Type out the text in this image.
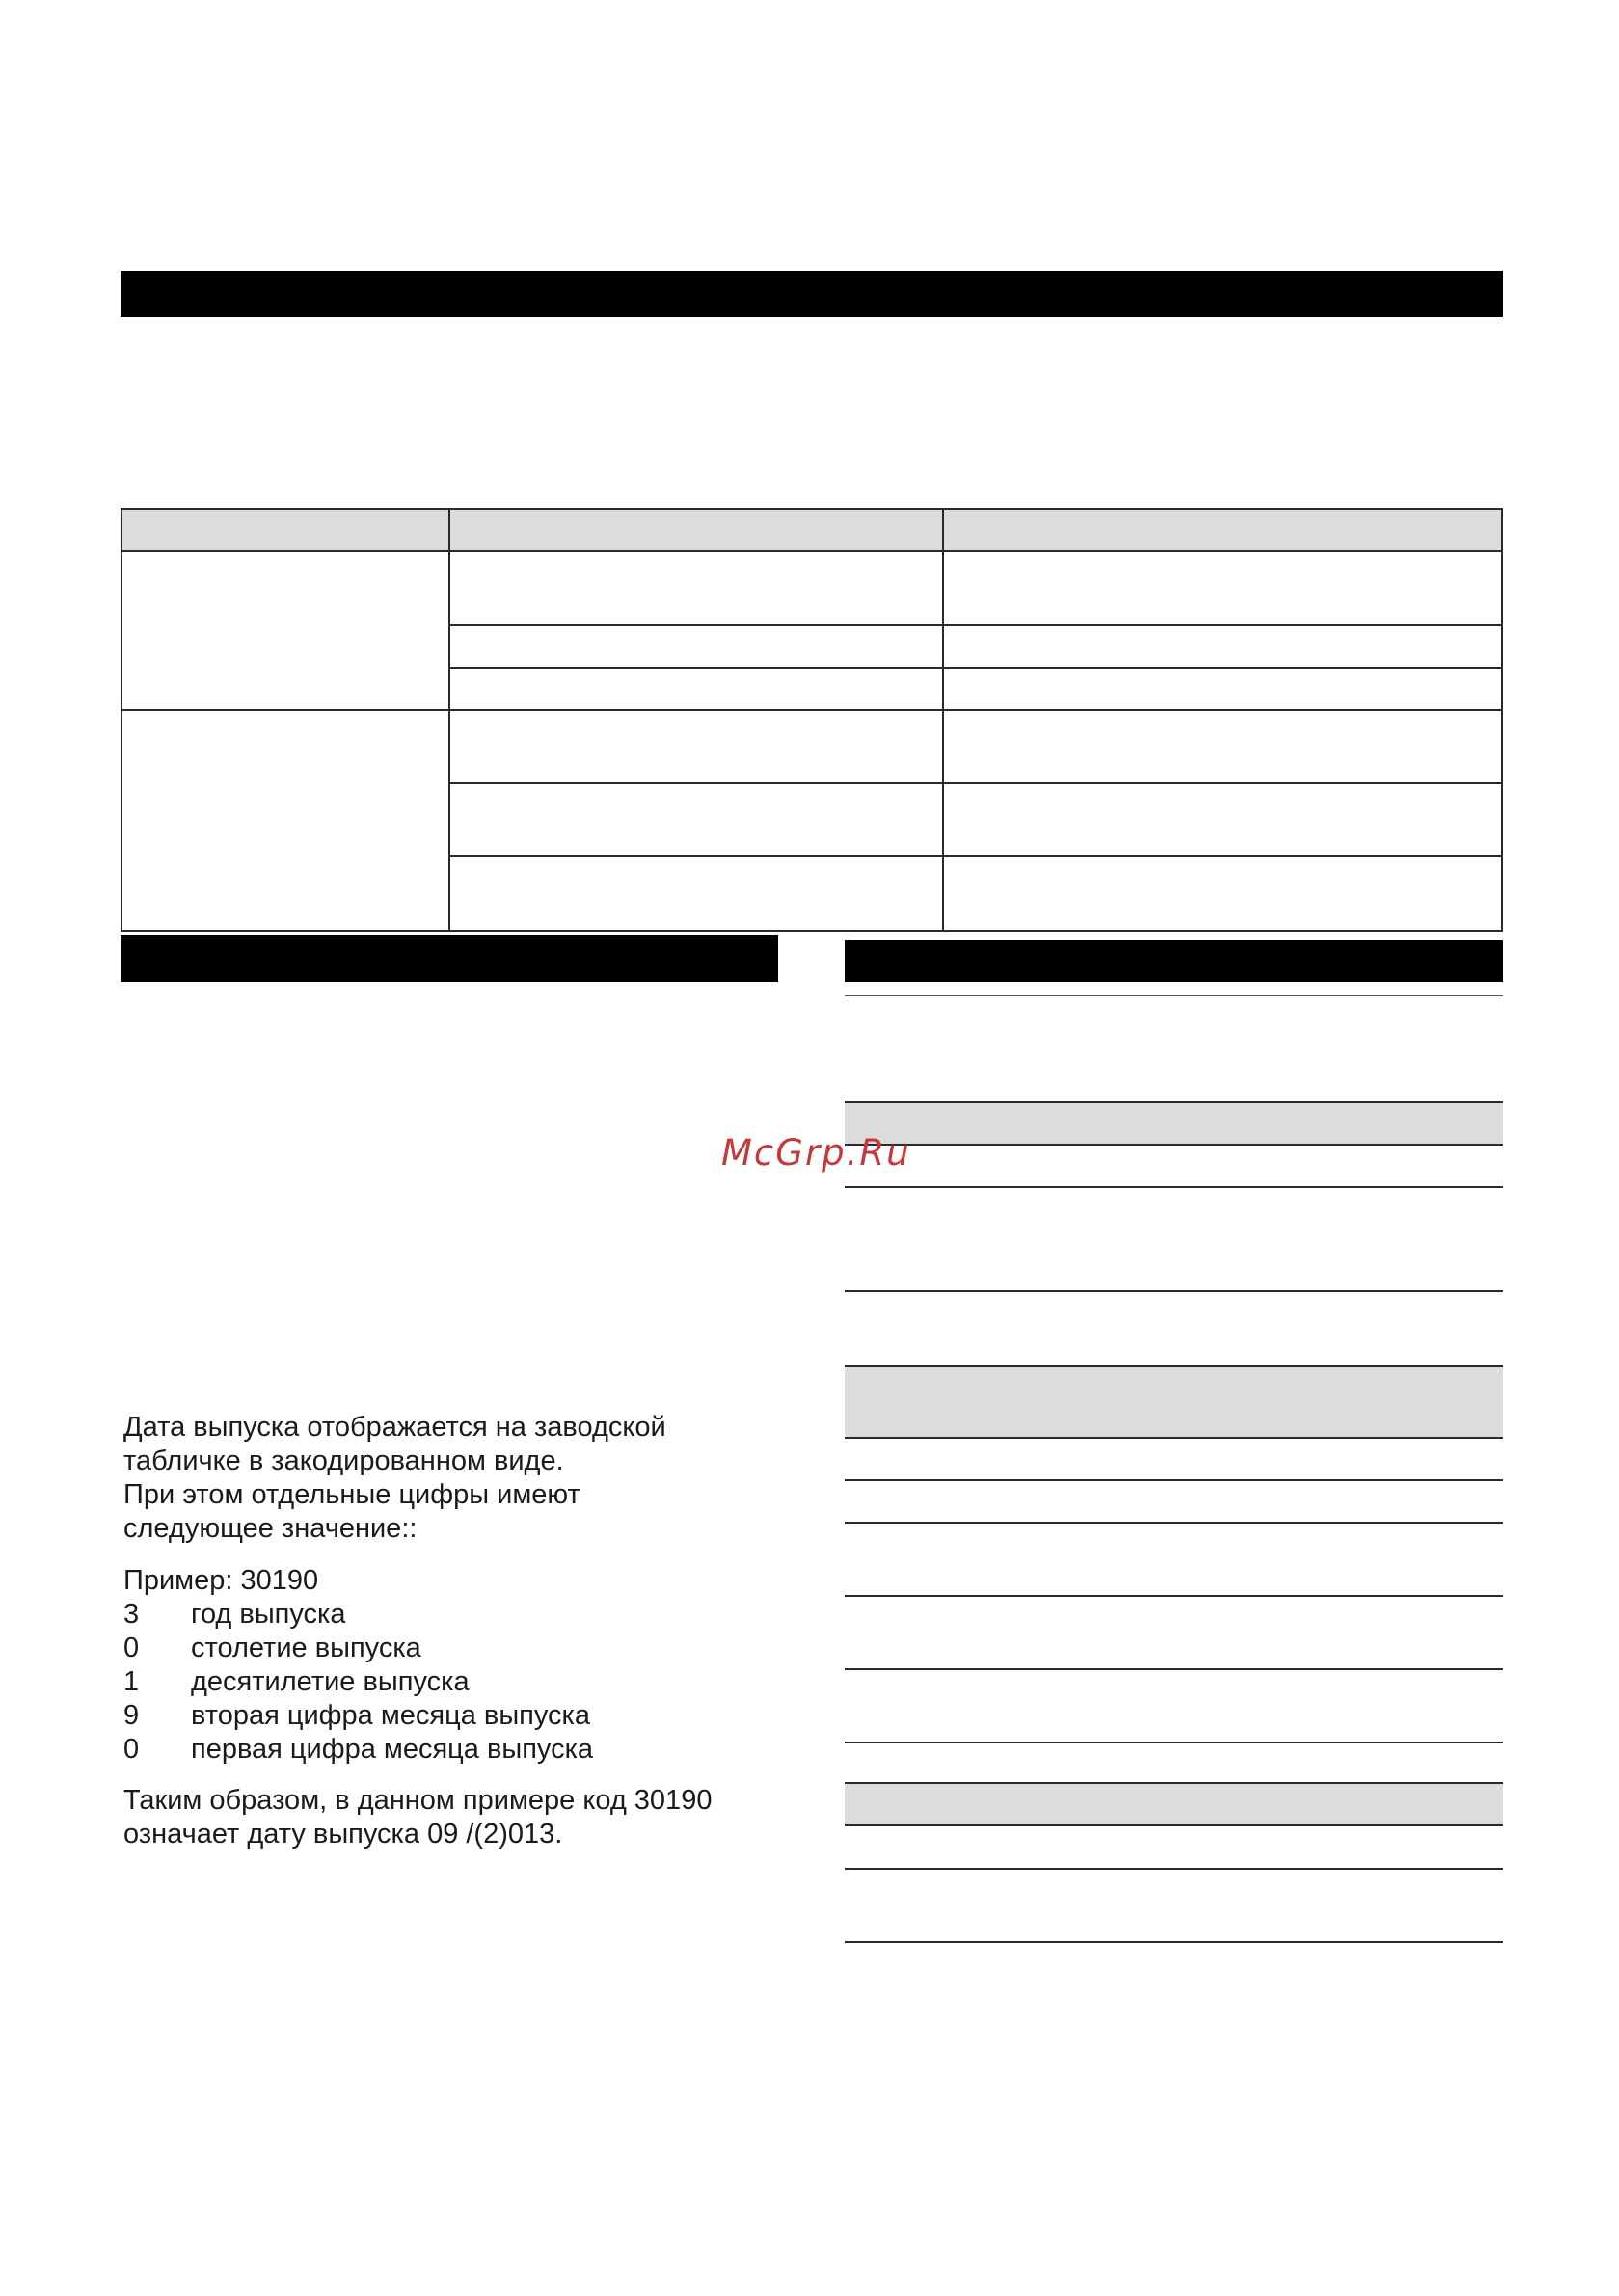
McGrp.Ru
Дата выпуска отображается на заводской
табличке в закодированном виде.
При этом отдельные цифры имеют
следующее значение::
Пример: 30190
3 год выпуска
0 столетие выпуска
1 десятилетие выпуска
9 вторая цифра месяца выпуска
0 первая цифра месяца выпуска
Таким образом, в данном примере код 30190
означает дату выпуска 09 /(2)013.
